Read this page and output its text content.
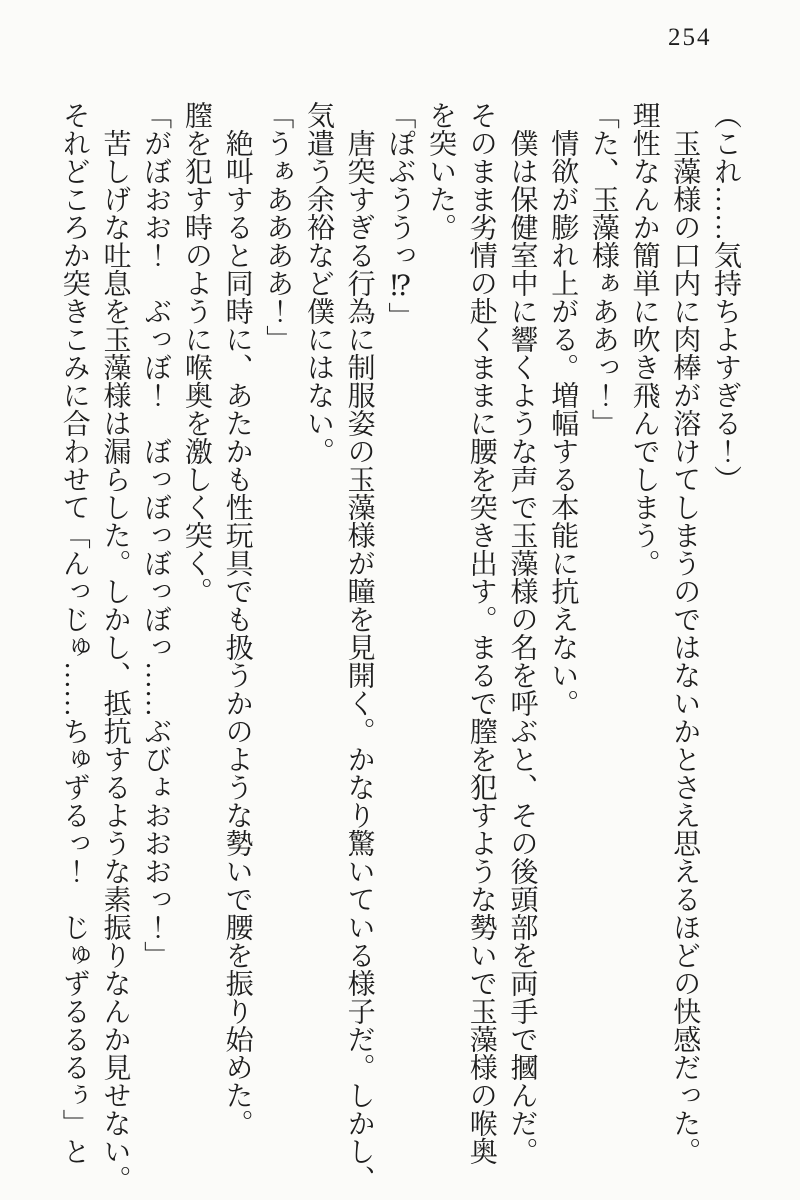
254

（これ……気持ちよすぎる！）

　玉藻様の口内に肉棒が溶けてしまうのではないかとさえ思えるほどの快感だった。

理性なんか簡単に吹き飛んでしまう。

「た、玉藻様ぁああっ！」

　情欲が膨れ上がる。増幅する本能に抗えない。

　僕は保健室中に響くような声で玉藻様の名を呼ぶと、その後頭部を両手で摑んだ。

そのまま劣情の赴くままに腰を突き出す。まるで膣を犯すような勢いで玉藻様の喉奥

を突いた。

「ぽぶううっ⁉」

　唐突すぎる行為に制服姿の玉藻様が瞳を見開く。かなり驚いている様子だ。しかし、

気遣う余裕など僕にはない。

「うぁああああ！」

　絶叫すると同時に、あたかも性玩具でも扱うかのような勢いで腰を振り始めた。

膣を犯す時のように喉奥を激しく突く。

「がぼおお！　ぶっぼ！　ぼっぼっぼっぼっ……ぶびょおおおっ！」

　苦しげな吐息を玉藻様は漏らした。しかし、抵抗するような素振りなんか見せない。

それどころか突きこみに合わせて「んっじゅ……ちゅずるっ！　じゅずるるるぅ」と
